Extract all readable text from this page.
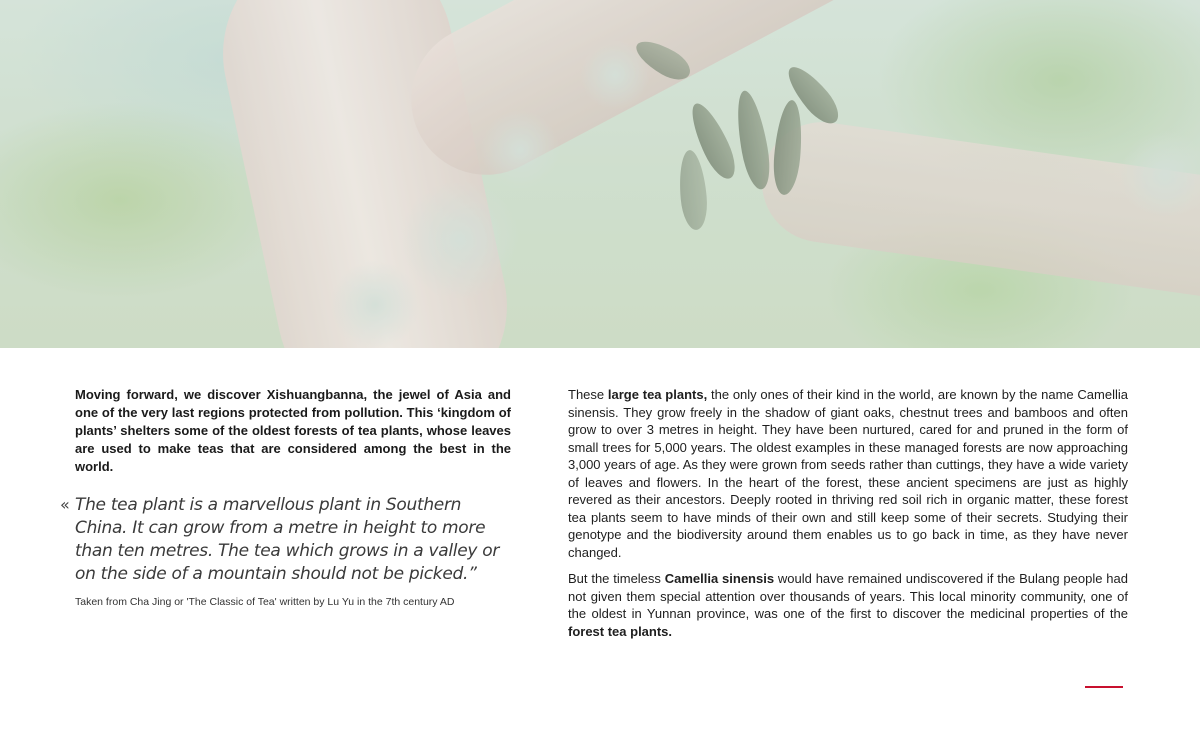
Moving forward, we discover Xishuangbanna, the jewel of Asia and one of the very last regions protected from pollution. This ‘kingdom of plants’ shelters some of the oldest forests of tea plants, whose leaves are used to make teas that are considered among the best in the world.

« The tea plant is a marvellous plant in Southern China. It can grow from a metre in height to more than ten metres. The tea which grows in a valley or on the side of a mountain should not be picked.”

Taken from Cha Jing or 'The Classic of Tea' written by Lu Yu in the 7th century AD

These large tea plants, the only ones of their kind in the world, are known by the name Camellia sinensis. They grow freely in the shadow of giant oaks, chestnut trees and bamboos and often grow to over 3 metres in height. They have been nurtured, cared for and pruned in the form of small trees for 5,000 years. The oldest examples in these managed forests are now approaching 3,000 years of age. As they were grown from seeds rather than cuttings, they have a wide variety of leaves and flowers. In the heart of the forest, these ancient specimens are just as highly revered as their ancestors. Deeply rooted in thriving red soil rich in organic matter, these forest tea plants seem to have minds of their own and still keep some of their secrets. Studying their genotype and the biodiversity around them enables us to go back in time, as they have never changed.

But the timeless Camellia sinensis would have remained undiscovered if the Bulang people had not given them special attention over thousands of years. This local minority community, one of the oldest in Yunnan province, was one of the first to discover the medicinal properties of the forest tea plants.
